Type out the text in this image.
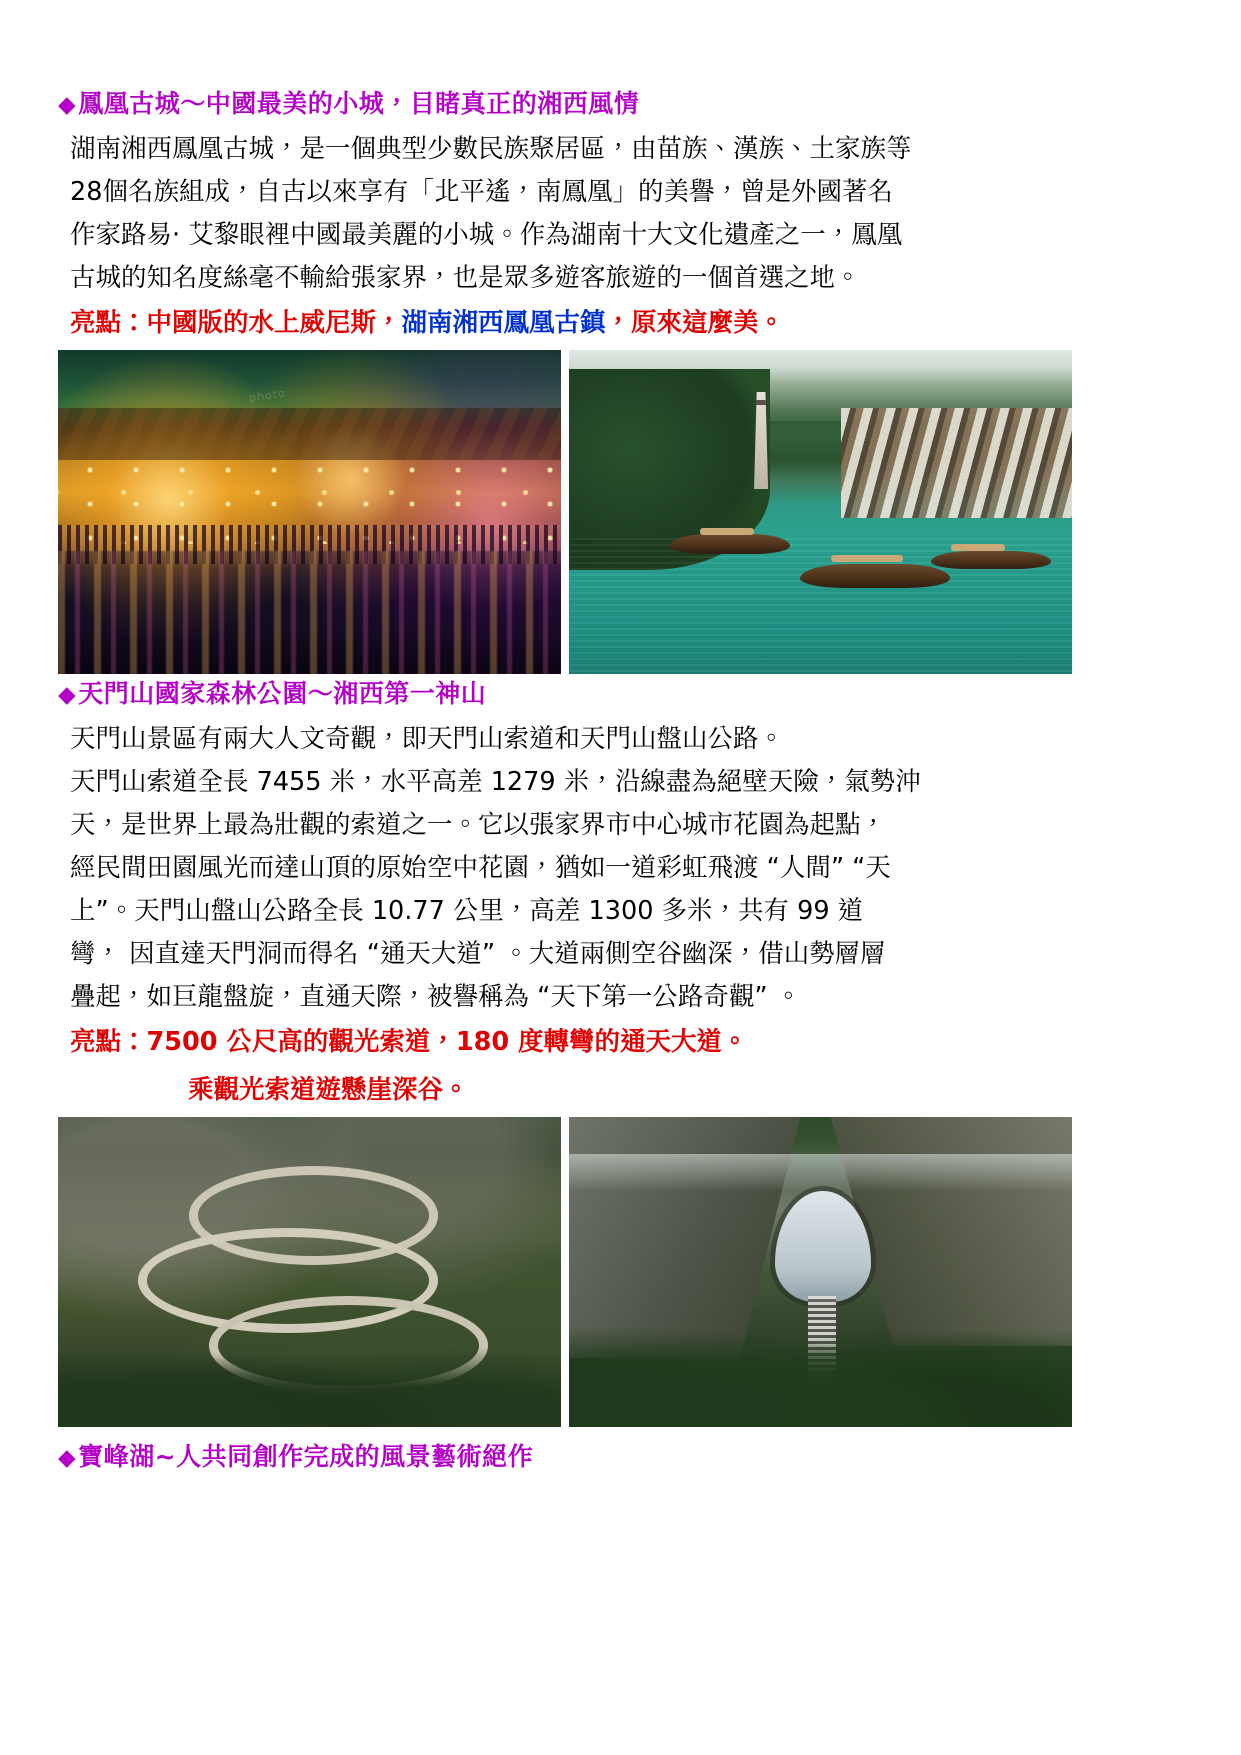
◆鳳凰古城～中國最美的小城，目睹真正的湘西風情
湖南湘西鳳凰古城，是一個典型少數民族聚居區，由苗族、漢族、土家族等
28個名族組成，自古以來享有「北平遙，南鳳凰」的美譽，曾是外國著名
作家路易· 艾黎眼裡中國最美麗的小城。作為湖南十大文化遺產之一，鳳凰
古城的知名度絲毫不輸給張家界，也是眾多遊客旅遊的一個首選之地。
亮點：中國版的水上威尼斯，湖南湘西鳳凰古鎮，原來這麼美。
photo
◆天門山國家森林公園～湘西第一神山
天門山景區有兩大人文奇觀，即天門山索道和天門山盤山公路。
天門山索道全長 7455 米，水平高差 1279 米，沿線盡為絕壁天險，氣勢沖
天，是世界上最為壯觀的索道之一。它以張家界市中心城市花園為起點，
經民間田園風光而達山頂的原始空中花園，猶如一道彩虹飛渡 “人間” “天
上”。天門山盤山公路全長 10.77 公里，高差 1300 多米，共有 99 道
彎， 因直達天門洞而得名 “通天大道” 。大道兩側空谷幽深，借山勢層層
疊起，如巨龍盤旋，直通天際，被譽稱為 “天下第一公路奇觀” 。
亮點：7500 公尺高的觀光索道，180 度轉彎的通天大道。
乘觀光索道遊懸崖深谷。
◆寶峰湖~人共同創作完成的風景藝術絕作
